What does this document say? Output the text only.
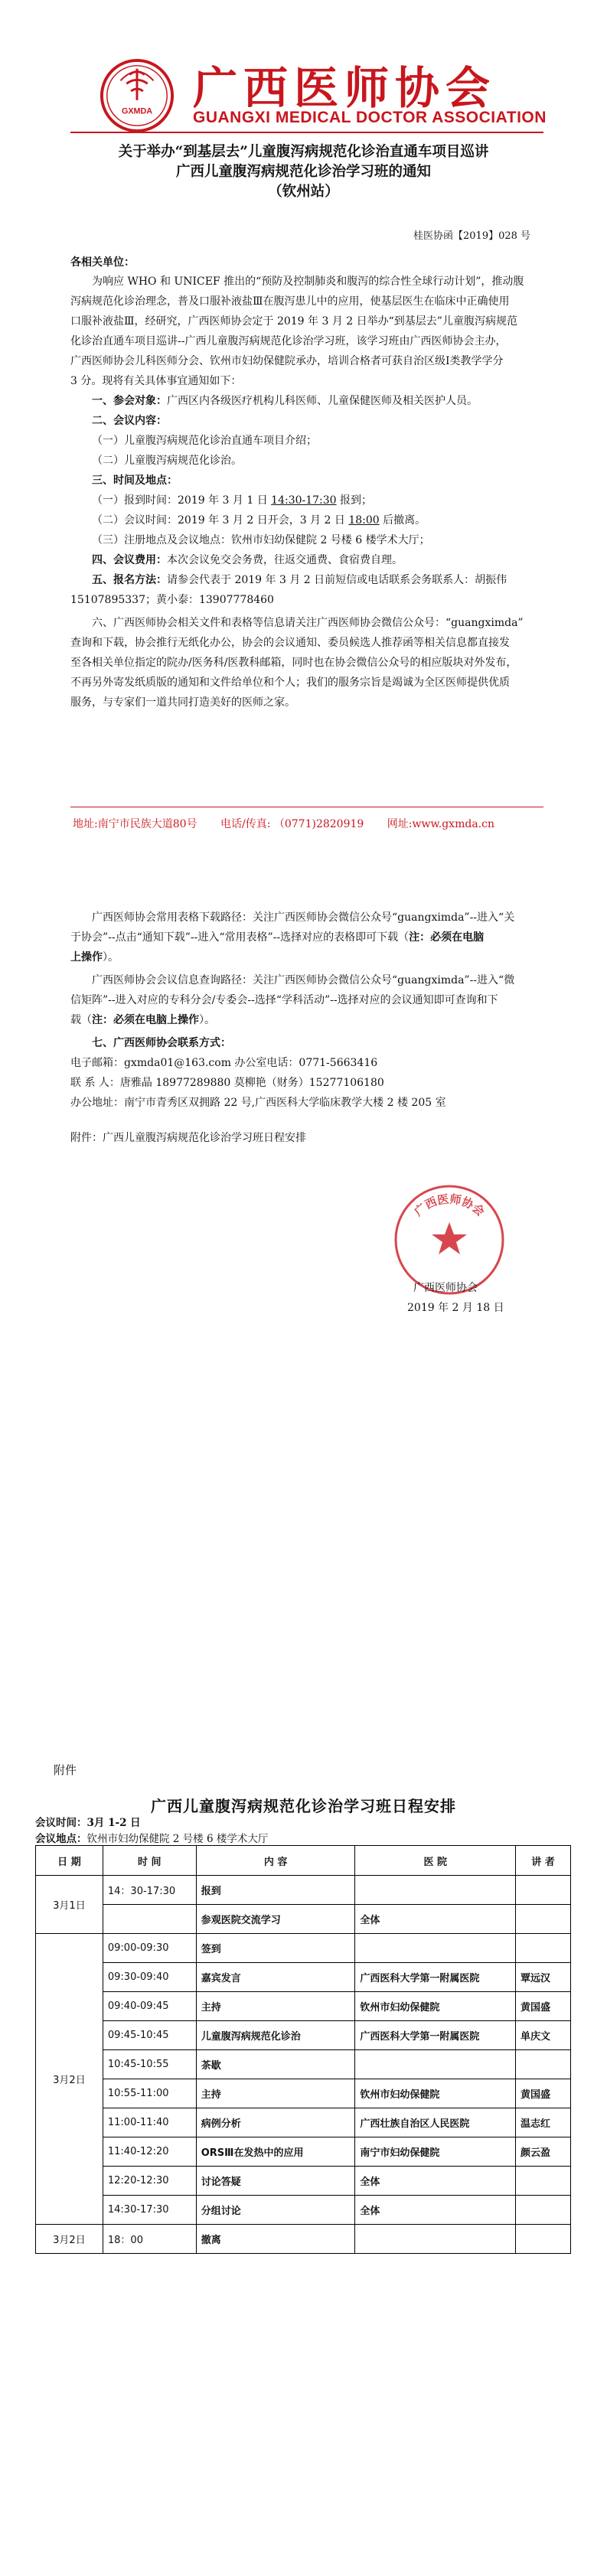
GXMDA 广西医师协会
GUANGXI MEDICAL DOCTOR ASSOCIATION
关于举办“到基层去”儿童腹泻病规范化诊治直通车项目巡讲
广西儿童腹泻病规范化诊治学习班的通知
（钦州站）
桂医协函【2019】028 号
各相关单位：
为响应 WHO 和 UNICEF 推出的“预防及控制肺炎和腹泻的综合性全球行动计划”，推动腹
泻病规范化诊治理念，普及口服补液盐Ⅲ在腹泻患儿中的应用，使基层医生在临床中正确使用
口服补液盐Ⅲ，经研究，广西医师协会定于 2019 年 3 月 2 日举办“到基层去”儿童腹泻病规范
化诊治直通车项目巡讲--广西儿童腹泻病规范化诊治学习班，该学习班由广西医师协会主办，
广西医师协会儿科医师分会、钦州市妇幼保健院承办，培训合格者可获自治区级Ⅰ类教学学分
3 分。现将有关具体事宜通知如下：
一、参会对象：广西区内各级医疗机构儿科医师、儿童保健医师及相关医护人员。
二、会议内容：
（一）儿童腹泻病规范化诊治直通车项目介绍；
（二）儿童腹泻病规范化诊治。
三、时间及地点：
（一）报到时间：2019 年 3 月 1 日 14:30-17:30 报到；
（二）会议时间：2019 年 3 月 2 日开会，3 月 2 日 18:00 后撤离。
（三）注册地点及会议地点：钦州市妇幼保健院 2 号楼 6 楼学术大厅；
四、会议费用：本次会议免交会务费，往返交通费、食宿费自理。
五、报名方法：请参会代表于 2019 年 3 月 2 日前短信或电话联系会务联系人：胡振伟
15107895337；黄小泰：13907778460
六、广西医师协会相关文件和表格等信息请关注广西医师协会微信公众号：“guangximda”
查询和下载，协会推行无纸化办公，协会的会议通知、委员候选人推荐函等相关信息都直接发
至各相关单位指定的院办/医务科/医教科邮箱，同时也在协会微信公众号的相应版块对外发布，
不再另外寄发纸质版的通知和文件给单位和个人；我们的服务宗旨是竭诚为全区医师提供优质
服务，与专家们一道共同打造美好的医师之家。
地址:南宁市民族大道80号 电话/传真: （0771)2820919 网址:www.gxmda.cn
广西医师协会常用表格下载路径：关注广西医师协会微信公众号“guangximda”--进入“关
于协会”--点击“通知下载”--进入“常用表格”--选择对应的表格即可下载（注：必须在电脑
上操作）。
广西医师协会会议信息查询路径：关注广西医师协会微信公众号“guangximda”--进入“微
信矩阵”--进入对应的专科分会/专委会--选择“学科活动”--选择对应的会议通知即可查询和下
载（注：必须在电脑上操作）。
七、广西医师协会联系方式：
电子邮箱：gxmda01@163.com 办公室电话：0771-5663416
联 系 人：唐雅晶 18977289880 莫柳艳（财务）15277106180
办公地址：南宁市青秀区双拥路 22 号,广西医科大学临床教学大楼 2 楼 205 室
附件：广西儿童腹泻病规范化诊治学习班日程安排
广西医师协会
广西医师协会
2019 年 2 月 18 日
附件
广西儿童腹泻病规范化诊治学习班日程安排
会议时间：3月 1-2 日
会议地点：钦州市妇幼保健院 2 号楼 6 楼学术大厅
日 期	时 间	内 容	医 院	讲 者
3月1日	14：30-17:30	报到		
		参观医院交流学习	全体	
3月2日	09:00-09:30	签到		
	09:30-09:40	嘉宾发言	广西医科大学第一附属医院	覃远汉
	09:40-09:45	主持	钦州市妇幼保健院	黄国盛
	09:45-10:45	儿童腹泻病规范化诊治	广西医科大学第一附属医院	单庆文
	10:45-10:55	茶歇		
	10:55-11:00	主持	钦州市妇幼保健院	黄国盛
	11:00-11:40	病例分析	广西壮族自治区人民医院	温志红
	11:40-12:20	ORSⅢ在发热中的应用	南宁市妇幼保健院	颜云盈
	12:20-12:30	讨论答疑	全体	
	14:30-17:30	分组讨论	全体	
3月2日	18：00	撤离		
